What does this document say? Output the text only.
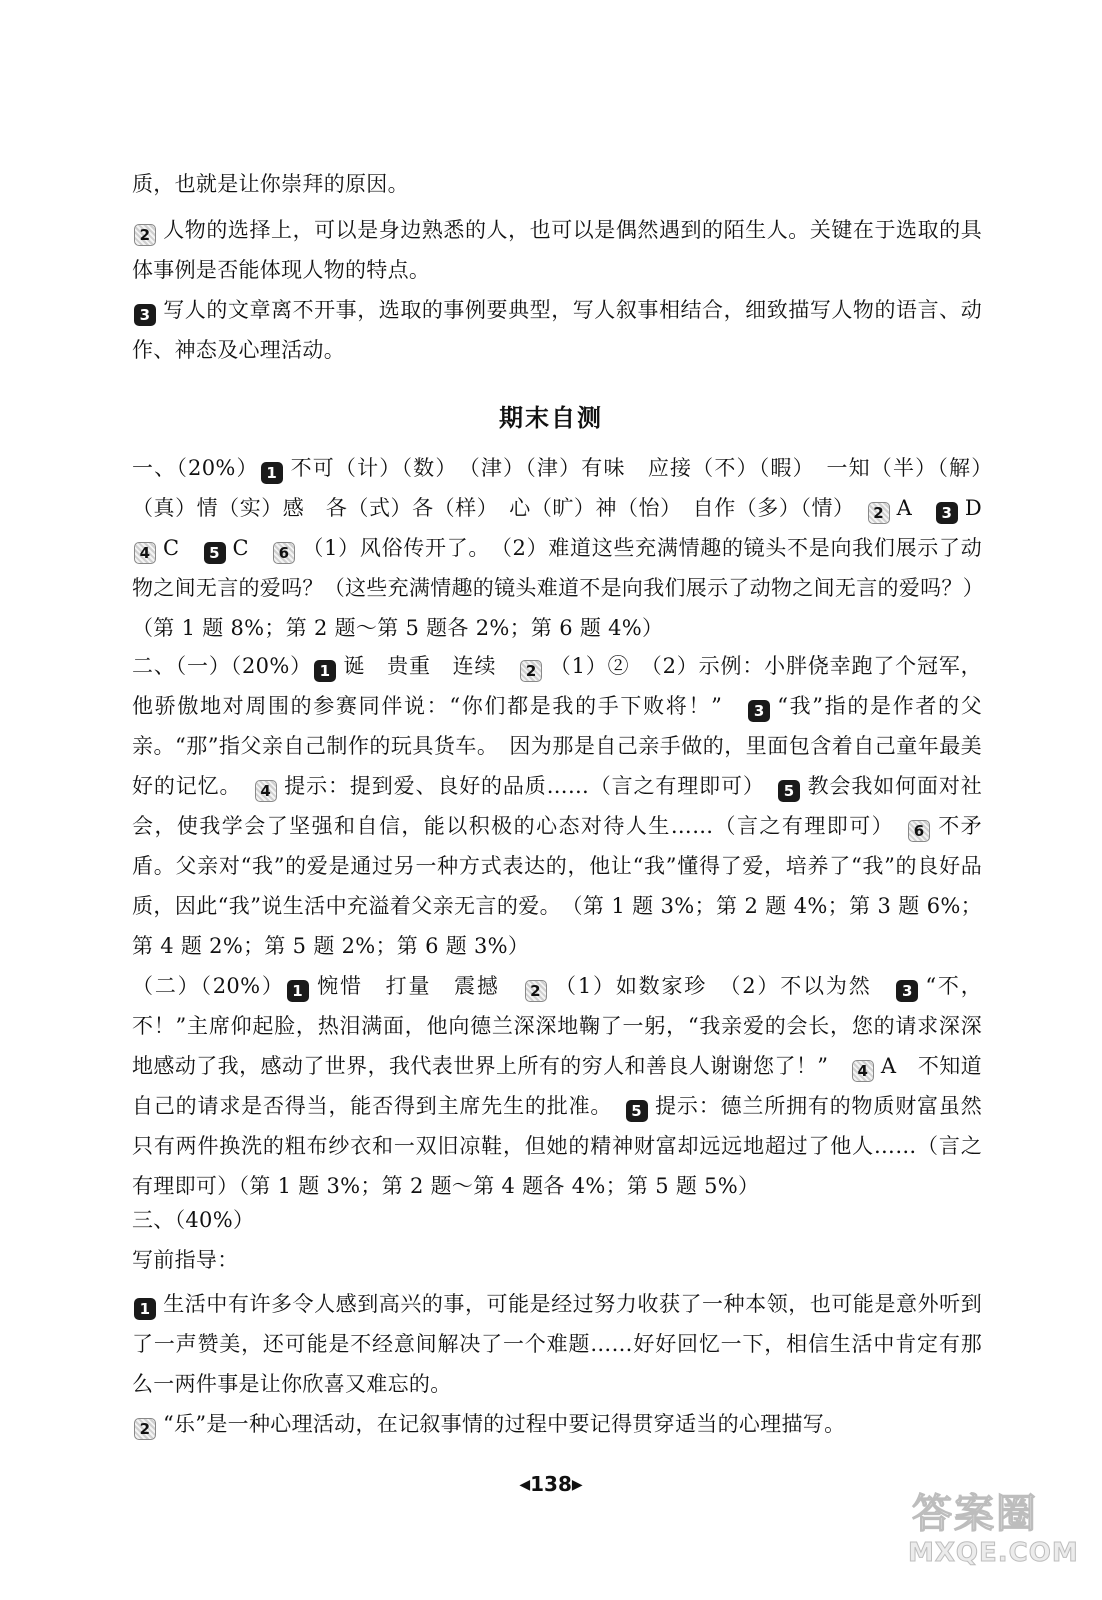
质，也就是让你崇拜的原因。
2 人物的选择上，可以是身边熟悉的人，也可以是偶然遇到的陌生人。关键在于选取的具体事例是否能体现人物的特点。
3 写人的文章离不开事，选取的事例要典型，写人叙事相结合，细致描写人物的语言、动作、神态及心理活动。
期末自测
一、（20%） 1 不可（计）（数）　（津）（津）有味　应接（不）（暇）　一知（半）（解）　（真）情（实）感　各（式）各（样）　心（旷）神（怡）　自作（多）（情）　 2 A　 3 D　4 C　 5 C　 6 （1）风俗传开了。　（2）难道这些充满情趣的镜头不是向我们展示了动物之间无言的爱吗？（这些充满情趣的镜头难道不是向我们展示了动物之间无言的爱吗？）（第 1 题 8%；第 2 题～第 5 题各 2%；第 6 题 4%）
二、（一）（20%） 1 诞　贵重　连续　 2 （1）②　（2）示例：小胖侥幸跑了个冠军，他骄傲地对周围的参赛同伴说：“你们都是我的手下败将！”　 3 “我”指的是作者的父亲。“那”指父亲自己制作的玩具货车。　因为那是自己亲手做的，里面包含着自己童年最美好的记忆。　 4 提示：提到爱、良好的品质……（言之有理即可）　 5 教会我如何面对社会，使我学会了坚强和自信，能以积极的心态对待人生……（言之有理即可）　 6 不矛盾。父亲对“我”的爱是通过另一种方式表达的，他让“我”懂得了爱，培养了“我”的良好品质，因此“我”说生活中充溢着父亲无言的爱。　 （第 1 题 3%；第 2 题 4%；第 3 题 6%；第 4 题 2%；第 5 题 2%；第 6 题 3%）
（二）（20%） 1 惋惜　打量　震撼　 2 （1）如数家珍　（2）不以为然　 3 “不，不！”主席仰起脸，热泪满面，他向德兰深深地鞠了一躬，“我亲爱的会长，您的请求深深地感动了我，感动了世界，我代表世界上所有的穷人和善良人谢谢您了！”　 4 A　不知道自己的请求是否得当，能否得到主席先生的批准。　 5 提示：德兰所拥有的物质财富虽然只有两件换洗的粗布纱衣和一双旧凉鞋，但她的精神财富却远远地超过了他人……（言之有理即可）（第 1 题 3%；第 2 题～第 4 题各 4%；第 5 题 5%）
三、（40%）
写前指导：
1 生活中有许多令人感到高兴的事，可能是经过努力收获了一种本领，也可能是意外听到了一声赞美，还可能是不经意间解决了一个难题……好好回忆一下，相信生活中肯定有那么一两件事是让你欣喜又难忘的。
2 “乐”是一种心理活动，在记叙事情的过程中要记得贯穿适当的心理描写。
◀138▶
答案圈
MXQE.COM
